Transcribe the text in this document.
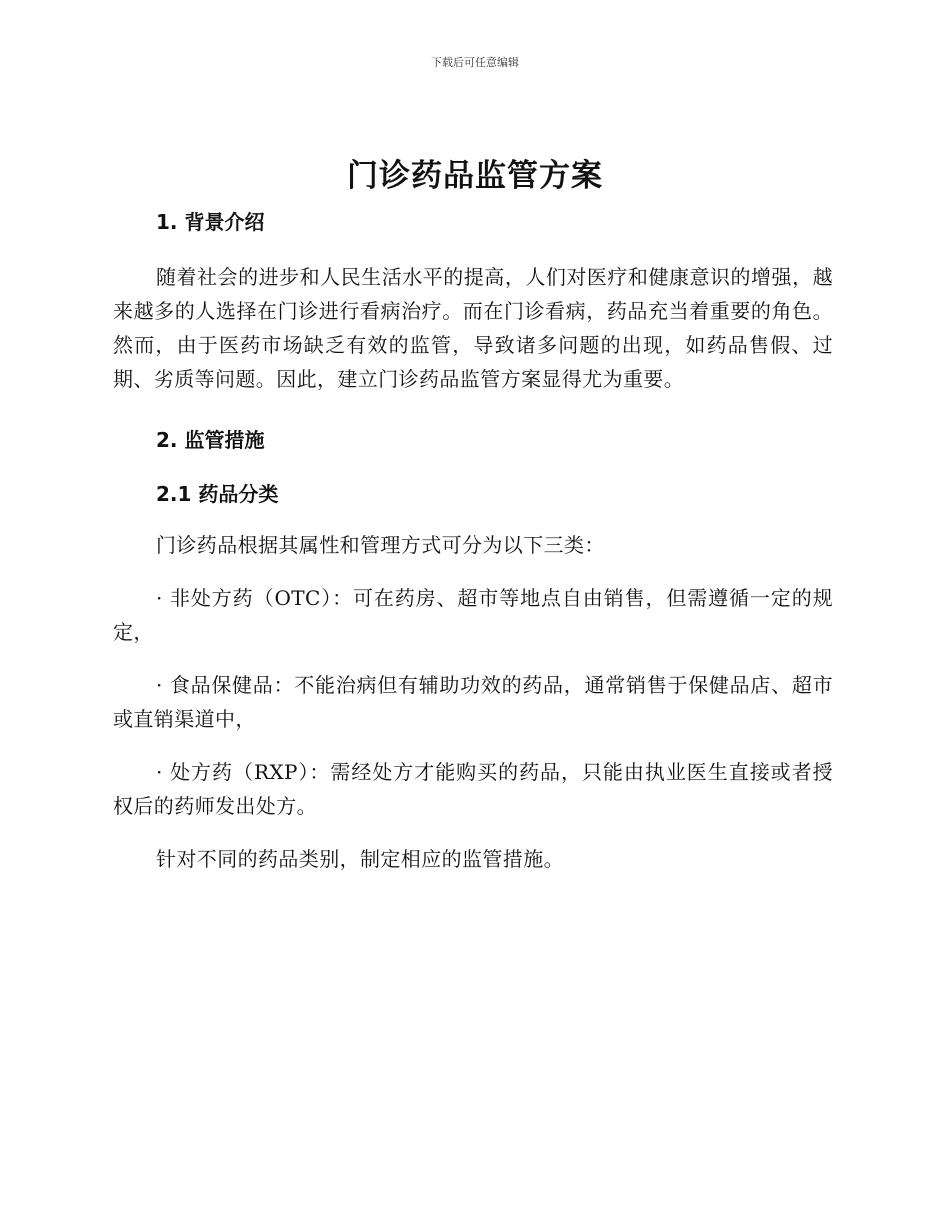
下载后可任意编辑
门诊药品监管方案
1. 背景介绍

随着社会的进步和人民生活水平的提高，人们对医疗和健康意识的增强，越来越多的人选择在门诊进行看病治疗。而在门诊看病，药品充当着重要的角色。然而，由于医药市场缺乏有效的监管，导致诸多问题的出现，如药品售假、过期、劣质等问题。因此，建立门诊药品监管方案显得尤为重要。

2. 监管措施
2.1 药品分类

门诊药品根据其属性和管理方式可分为以下三类：

· 非处方药（OTC）：可在药房、超市等地点自由销售，但需遵循一定的规定，

· 食品保健品：不能治病但有辅助功效的药品，通常销售于保健品店、超市或直销渠道中，

· 处方药（RXP）：需经处方才能购买的药品，只能由执业医生直接或者授权后的药师发出处方。

针对不同的药品类别，制定相应的监管措施。
